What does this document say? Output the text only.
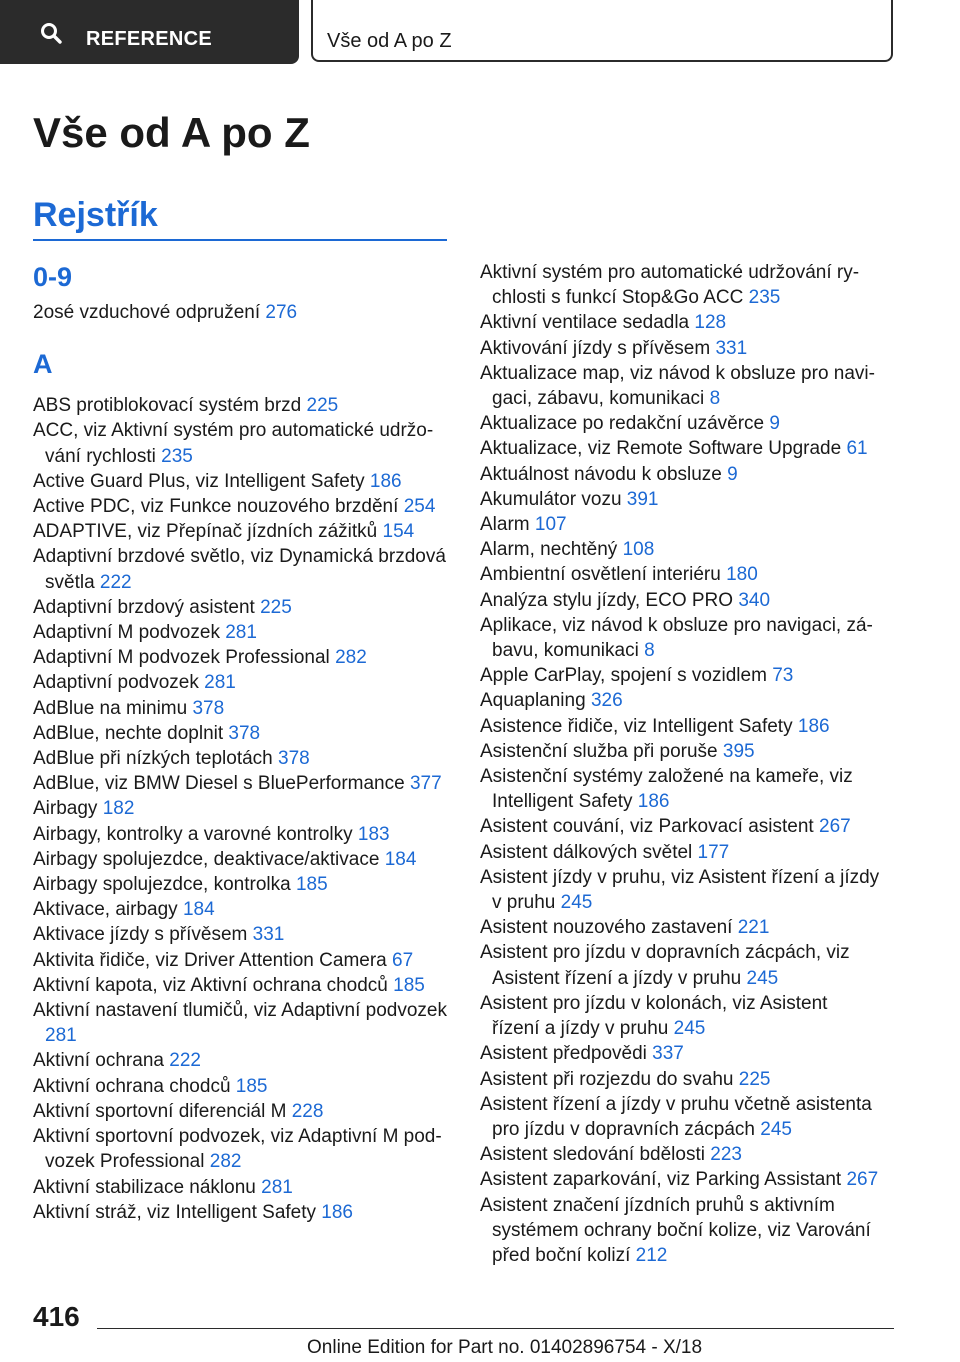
REFERENCE	Vše od A po Z
Vše od A po Z
Rejstřík
0-9
2osé vzduchové odpružení 276
A
ABS protiblokovací systém brzd 225
ACC, viz Aktivní systém pro automatické udržování rychlosti 235
Active Guard Plus, viz Intelligent Safety 186
Active PDC, viz Funkce nouzového brzdění 254
ADAPTIVE, viz Přepínač jízdních zážitků 154
Adaptivní brzdové světlo, viz Dynamická brzdová světla 222
Adaptivní brzdový asistent 225
Adaptivní M podvozek 281
Adaptivní M podvozek Professional 282
Adaptivní podvozek 281
AdBlue na minimu 378
AdBlue, nechte doplnit 378
AdBlue při nízkých teplotách 378
AdBlue, viz BMW Diesel s BluePerformance 377
Airbagy 182
Airbagy, kontrolky a varovné kontrolky 183
Airbagy spolujezdce, deaktivace/aktivace 184
Airbagy spolujezdce, kontrolka 185
Aktivace, airbagy 184
Aktivace jízdy s přívěsem 331
Aktivita řidiče, viz Driver Attention Camera 67
Aktivní kapota, viz Aktivní ochrana chodců 185
Aktivní nastavení tlumičů, viz Adaptivní podvozek 281
Aktivní ochrana 222
Aktivní ochrana chodců 185
Aktivní sportovní diferenciál M 228
Aktivní sportovní podvozek, viz Adaptivní M podvozek Professional 282
Aktivní stabilizace náklonu 281
Aktivní stráž, viz Intelligent Safety 186
Aktivní systém pro automatické udržování rychlosti s funkcí Stop&Go ACC 235
Aktivní ventilace sedadla 128
Aktivování jízdy s přívěsem 331
Aktualizace map, viz návod k obsluze pro navigaci, zábavu, komunikaci 8
Aktualizace po redakční uzávěrce 9
Aktualizace, viz Remote Software Upgrade 61
Aktuálnost návodu k obsluze 9
Akumulátor vozu 391
Alarm 107
Alarm, nechtěný 108
Ambientní osvětlení interiéru 180
Analýza stylu jízdy, ECO PRO 340
Aplikace, viz návod k obsluze pro navigaci, zábavu, komunikaci 8
Apple CarPlay, spojení s vozidlem 73
Aquaplaning 326
Asistence řidiče, viz Intelligent Safety 186
Asistenční služba při poruše 395
Asistenční systémy založené na kameře, viz Intelligent Safety 186
Asistent couvání, viz Parkovací asistent 267
Asistent dálkových světel 177
Asistent jízdy v pruhu, viz Asistent řízení a jízdy v pruhu 245
Asistent nouzového zastavení 221
Asistent pro jízdu v dopravních zácpách, viz Asistent řízení a jízdy v pruhu 245
Asistent pro jízdu v kolonách, viz Asistent řízení a jízdy v pruhu 245
Asistent předpovědi 337
Asistent při rozjezdu do svahu 225
Asistent řízení a jízdy v pruhu včetně asistenta pro jízdu v dopravních zácpách 245
Asistent sledování bdělosti 223
Asistent zaparkování, viz Parking Assistant 267
Asistent značení jízdních pruhů s aktivním systémem ochrany boční kolize, viz Varování před boční kolizí 212
416
Online Edition for Part no. 01402896754 - X/18
